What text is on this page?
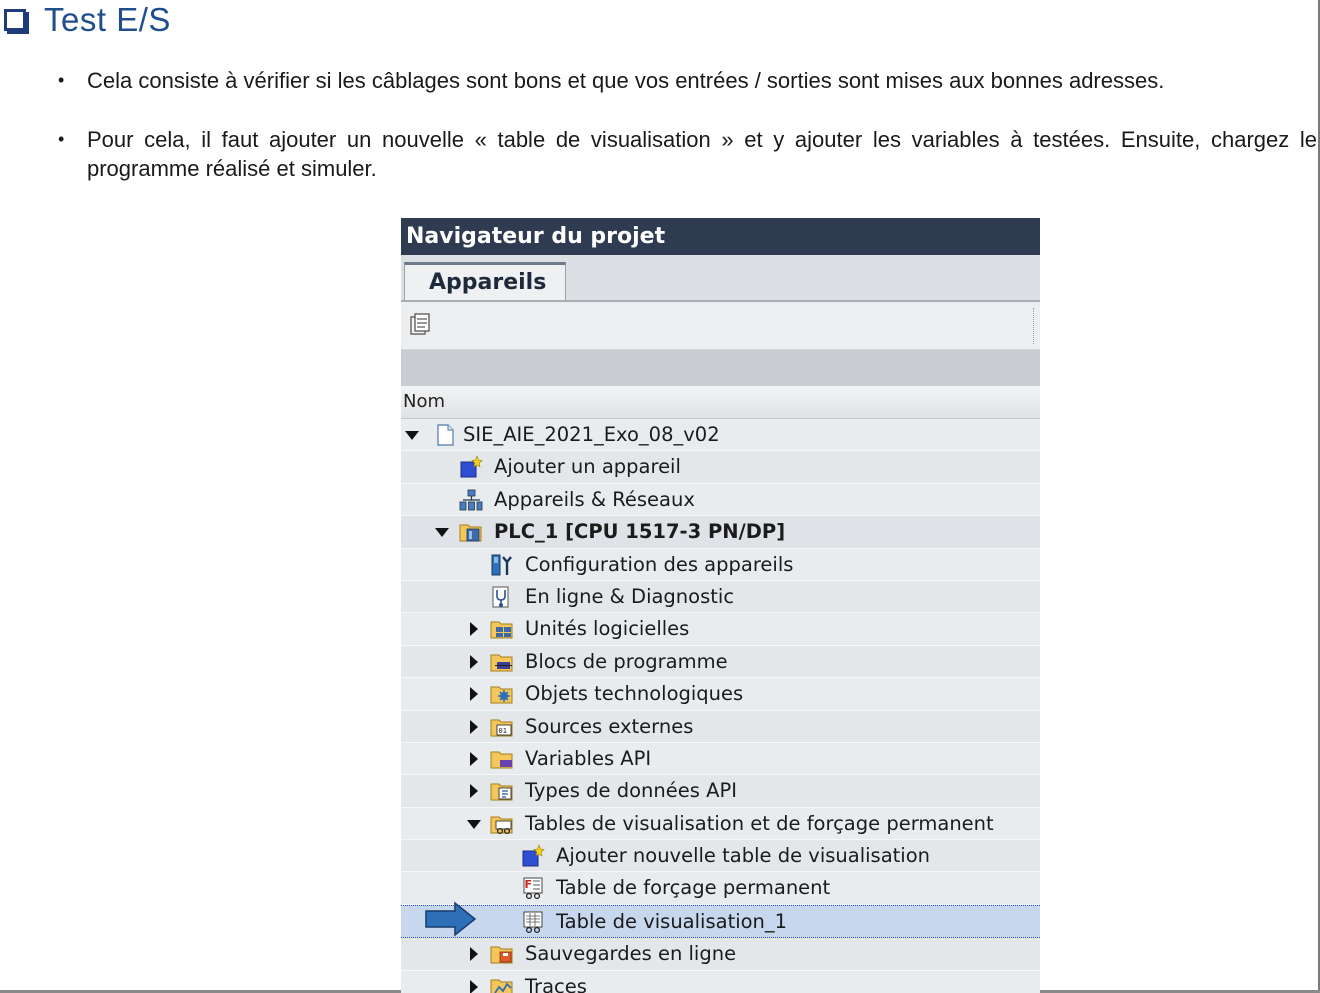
Test E/S
• Cela consiste à vérifier si les câblages sont bons et que vos entrées / sorties sont mises aux bonnes adresses.
• Pour cela, il faut ajouter un nouvelle « table de visualisation » et y ajouter les variables à testées. Ensuite, chargez le programme réalisé et simuler.
Navigateur du projet
Appareils
Nom
SIE_AIE_2021_Exo_08_v02
Ajouter un appareil
Appareils & Réseaux
PLC_1 [CPU 1517-3 PN/DP]
Configuration des appareils
En ligne & Diagnostic
Unités logicielles
Blocs de programme
Objets technologiques
01 Sources externes
Variables API
Types de données API
Tables de visualisation et de forçage permanent
Ajouter nouvelle table de visualisation
F Table de forçage permanent
Table de visualisation_1
Sauvegardes en ligne
Traces
